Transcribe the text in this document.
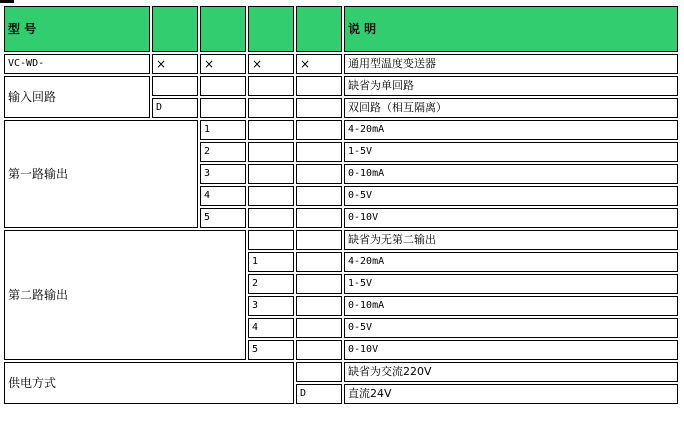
型 号					说 明
VC-WD-	×	×	×	×	通用型温度变送器
输入回路					缺省为单回路
	D				双回路（相互隔离）
第一路输出		1			4-20mA
		2			1-5V
		3			0-10mA
		4			0-5V
		5			0-10V
第二路输出					缺省为无第二输出
			1		4-20mA
			2		1-5V
			3		0-10mA
			4		0-5V
			5		0-10V
供电方式					缺省为交流220V
				D	直流24V
